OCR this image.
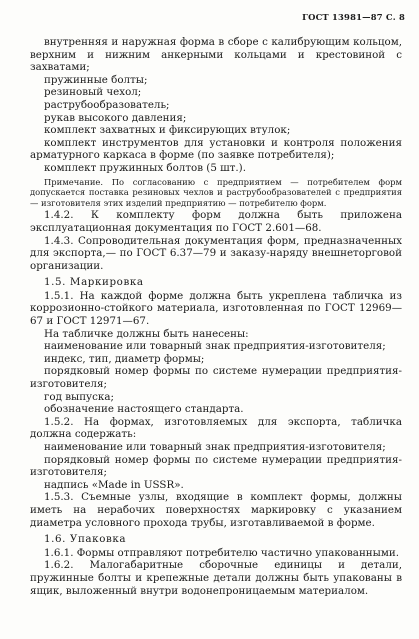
ГОСТ 13981—87 С. 8

внутренняя и наружная форма в сборе с калибрующим кольцом, верхним и нижним анкерными кольцами и крестовиной с захватами;

пружинные болты;

резиновый чехол;

раструбообразователь;

рукав высокого давления;

комплект захватных и фиксирующих втулок;

комплект инструментов для установки и контроля положения арматурного каркаса в форме (по заявке потребителя);

комплект пружинных болтов (5 шт.).

Примечание. По согласованию с предприятием — потребителем форм допускается поставка резиновых чехлов и раструбообразователей с предприятия — изготовителя этих изделий предприятию — потребителю форм.

1.4.2. К комплекту форм должна быть приложена эксплуатационная документация по ГОСТ 2.601—68.

1.4.3. Сопроводительная документация форм, предназначенных для экспорта,— по ГОСТ 6.37—79 и заказу-наряду внешнеторговой организации.

1.5. Маркировка

1.5.1. На каждой форме должна быть укреплена табличка из коррозионно-стойкого материала, изготовленная по ГОСТ 12969—67 и ГОСТ 12971—67.

На табличке должны быть нанесены:

наименование или товарный знак предприятия-изготовителя;

индекс, тип, диаметр формы;

порядковый номер формы по системе нумерации предприятия-изготовителя;

год выпуска;

обозначение настоящего стандарта.

1.5.2. На формах, изготовляемых для экспорта, табличка должна содержать:

наименование или товарный знак предприятия-изготовителя;

порядковый номер формы по системе нумерации предприятия-изготовителя;

надпись «Made in USSR».

1.5.3. Съемные узлы, входящие в комплект формы, должны иметь на нерабочих поверхностях маркировку с указанием диаметра условного прохода трубы, изготавливаемой в форме.

1.6. Упаковка

1.6.1. Формы отправляют потребителю частично упакованными.

1.6.2. Малогабаритные сборочные единицы и детали, пружинные болты и крепежные детали должны быть упакованы в ящик, выложенный внутри водонепроницаемым материалом.
